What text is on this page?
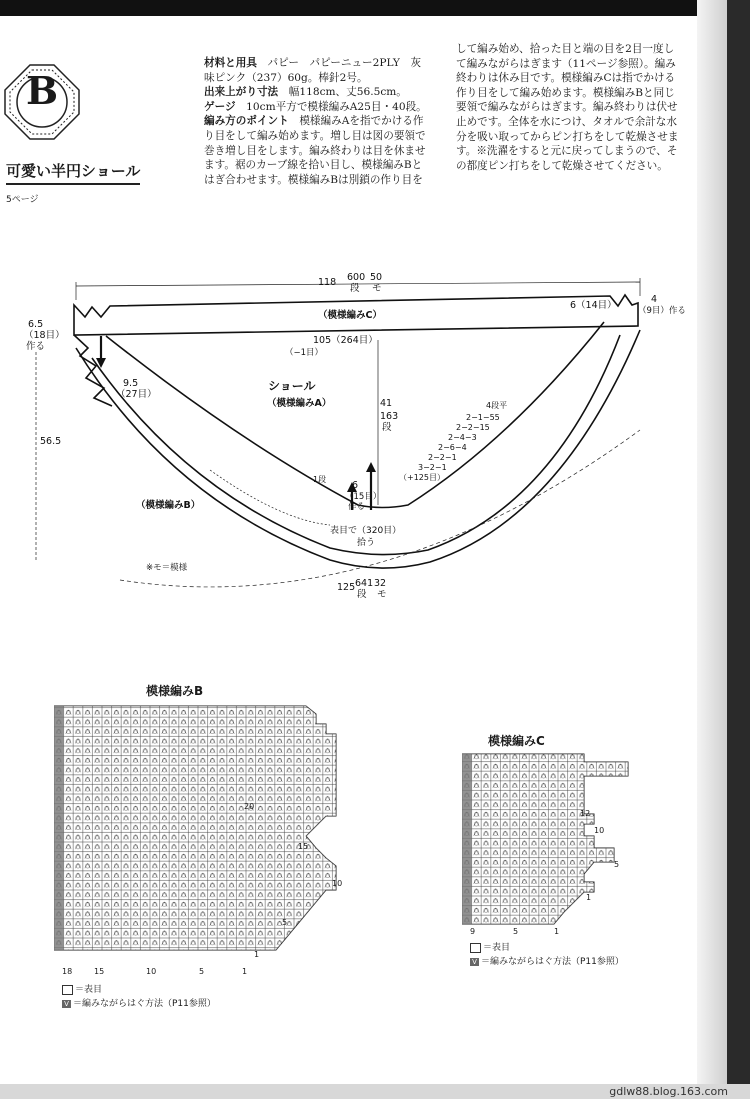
B
可愛い半円ショール
5ページ
材料と用具　パピー　パピーニュー2PLY　灰
味ピンク（237）60g。棒針2号。
出来上がり寸法　幅118cm、丈56.5cm。
ゲージ　10cm平方で模様編みA25目・40段。
編み方のポイント　模様編みAを指でかける作
り目をして編み始めます。増し目は図の要領で
巻き増し目をします。編み終わりは目を休ませ
ます。裾のカーブ線を拾い目し、模様編みBと
はぎ合わせます。模様編みBは別鎖の作り目を
して編み始め、拾った目と端の目を2目一度し
て編みながらはぎます（11ページ参照）。編み
終わりは休み目です。模様編みCは指でかける
作り目をして編み始めます。模様編みBと同じ
要領で編みながらはぎます。編み終わりは伏せ
止めです。全体を水につけ、タオルで余計な水
分を吸い取ってからピン打ちをして乾燥させま
す。※洗濯をすると元に戻ってしまうので、そ
の都度ピン打ちをして乾燥させてください。
118 600
段
50
モ
（模様編みC）
6（14目）
4
（9目）作る
6.5
（18目）
作る
105（264目）
（−1目）
9.5
（27目）
ショール
（模様編みA）
56.5
41
163
段
4段平
2−1−55
2−2−15
2−4−3
2−6−4
2−2−1
3−2−1
（+125目）
1段
6
（15目）
作る
（模様編みB）
表目で（320目）
拾う
※モ＝模様
125 641
段
32
モ
模様編みB
20
15
10
5
1
18	15	10	5	1
＝表目
V ＝編みながらはぐ方法（P11参照）
模様編みC
12
10
5
1
9	5	1
＝表目
V ＝編みながらはぐ方法（P11参照）
gdlw88.blog.163.com
